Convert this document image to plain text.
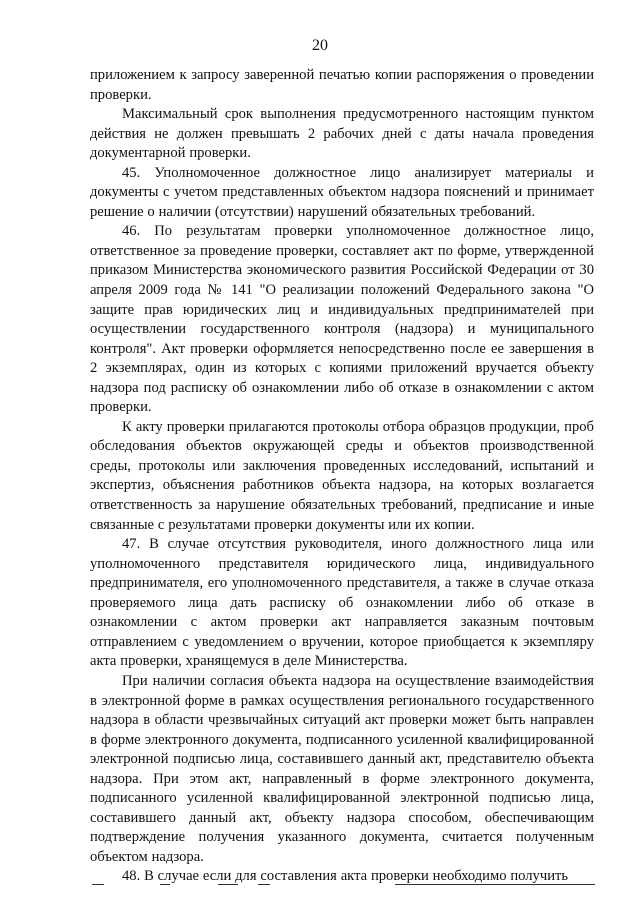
20

приложением к запросу заверенной печатью копии распоряжения о проведении проверки.

Максимальный срок выполнения предусмотренного настоящим пунктом действия не должен превышать 2 рабочих дней с даты начала проведения документарной проверки.

45. Уполномоченное должностное лицо анализирует материалы и документы с учетом представленных объектом надзора пояснений и принимает решение о наличии (отсутствии) нарушений обязательных требований.

46. По результатам проверки уполномоченное должностное лицо, ответственное за проведение проверки, составляет акт по форме, утвержденной приказом Министерства экономического развития Российской Федерации от 30 апреля 2009 года № 141 "О реализации положений Федерального закона "О защите прав юридических лиц и индивидуальных предпринимателей при осуществлении государственного контроля (надзора) и муниципального контроля". Акт проверки оформляется непосредственно после ее завершения в 2 экземплярах, один из которых с копиями приложений вручается объекту надзора под расписку об ознакомлении либо об отказе в ознакомлении с актом проверки.

К акту проверки прилагаются протоколы отбора образцов продукции, проб обследования объектов окружающей среды и объектов производственной среды, протоколы или заключения проведенных исследований, испытаний и экспертиз, объяснения работников объекта надзора, на которых возлагается ответственность за нарушение обязательных требований, предписание и иные связанные с результатами проверки документы или их копии.

47. В случае отсутствия руководителя, иного должностного лица или уполномоченного представителя юридического лица, индивидуального предпринимателя, его уполномоченного представителя, а также в случае отказа проверяемого лица дать расписку об ознакомлении либо об отказе в ознакомлении с актом проверки акт направляется заказным почтовым отправлением с уведомлением о вручении, которое приобщается к экземпляру акта проверки, хранящемуся в деле Министерства.

При наличии согласия объекта надзора на осуществление взаимодействия в электронной форме в рамках осуществления регионального государственного надзора в области чрезвычайных ситуаций акт проверки может быть направлен в форме электронного документа, подписанного усиленной квалифицированной электронной подписью лица, составившего данный акт, представителю объекта надзора. При этом акт, направленный в форме электронного документа, подписанного усиленной квалифицированной электронной подписью лица, составившего данный акт, объекту надзора способом, обеспечивающим подтверждение получения указанного документа, считается полученным объектом надзора.

48. В случае если для составления акта проверки необходимо получить
